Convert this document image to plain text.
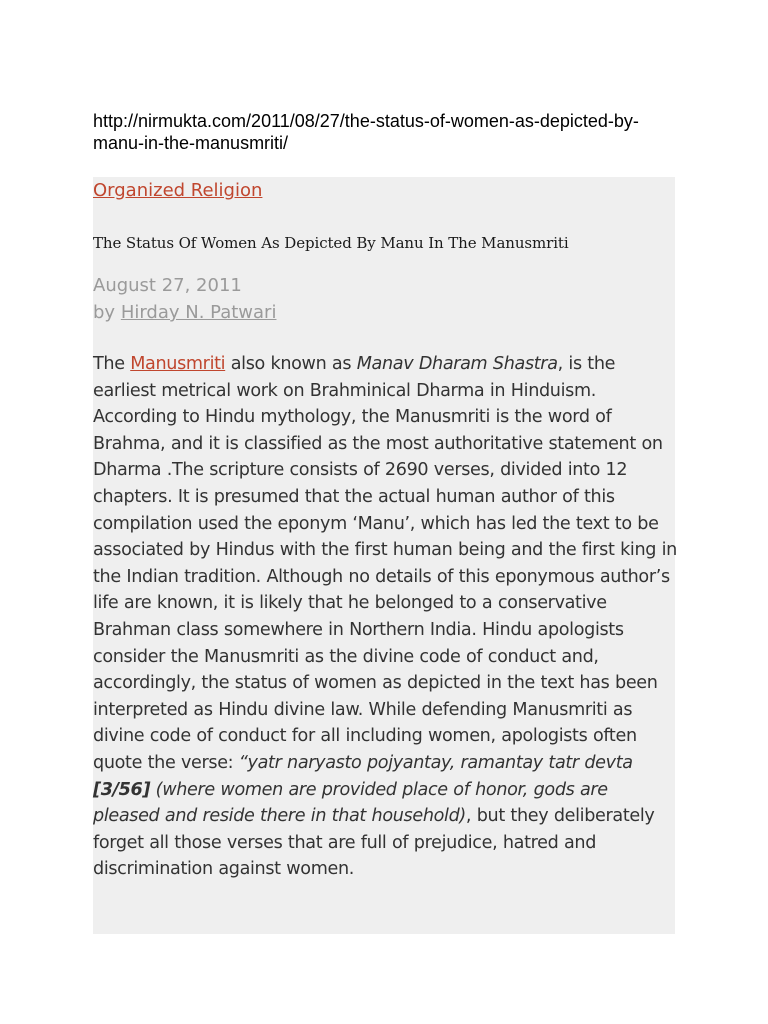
http://nirmukta.com/2011/08/27/the-status-of-women-as-depicted-by-manu-in-the-manusmriti/
Organized Religion
The Status Of Women As Depicted By Manu In The Manusmriti
August 27, 2011
by Hirday N. Patwari

The Manusmriti also known as Manav Dharam Shastra, is the earliest metrical work on Brahminical Dharma in Hinduism. According to Hindu mythology, the Manusmriti is the word of Brahma, and it is classified as the most authoritative statement on Dharma .The scripture consists of 2690 verses, divided into 12 chapters. It is presumed that the actual human author of this compilation used the eponym ‘Manu’, which has led the text to be associated by Hindus with the first human being and the first king in the Indian tradition. Although no details of this eponymous author’s life are known, it is likely that he belonged to a conservative Brahman class somewhere in Northern India. Hindu apologists consider the Manusmriti as the divine code of conduct and, accordingly, the status of women as depicted in the text has been interpreted as Hindu divine law. While defending Manusmriti as divine code of conduct for all including women, apologists often quote the verse: “yatr naryasto pojyantay, ramantay tatr devta [3/56] (where women are provided place of honor, gods are pleased and reside there in that household), but they deliberately forget all those verses that are full of prejudice, hatred and discrimination against women.
